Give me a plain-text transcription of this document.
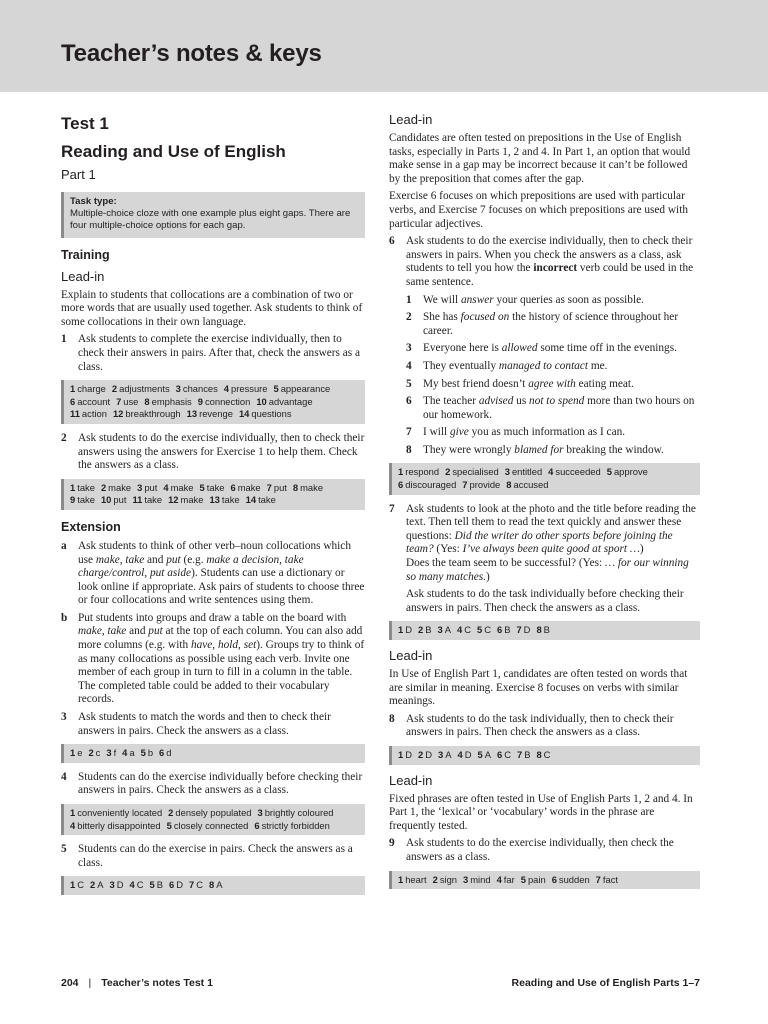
Teacher’s notes & keys
Test 1
Reading and Use of English
Part 1
Task type:
Multiple-choice cloze with one example plus eight gaps. There are four multiple-choice options for each gap.
Training
Lead-in

Explain to students that collocations are a combination of two or more words that are usually used together. Ask students to think of some collocations in their own language.

1	Ask students to complete the exercise individually, then to check their answers in pairs. After that, check the answers as a class.
1 charge 2 adjustments 3 chances 4 pressure 5 appearance
6 account 7 use 8 emphasis 9 connection 10 advantage
11 action 12 breakthrough 13 revenge 14 questions
2	Ask students to do the exercise individually, then to check their answers using the answers for Exercise 1 to help them. Check the answers as a class.
1 take 2 make 3 put 4 make 5 take 6 make 7 put 8 make
9 take 10 put 11 take 12 make 13 take 14 take
Extension
a	Ask students to think of other verb–noun collocations which use make, take and put (e.g. make a decision, take charge/control, put aside). Students can use a dictionary or look online if appropriate. Ask pairs of students to choose three or four collocations and write sentences using them.
b Put students into groups and draw a table on the board with make, take and put at the top of each column. You can also add more columns (e.g. with have, hold, set). Groups try to think of as many collocations as possible using each verb. Invite one member of each group in turn to fill in a column in the table. The completed table could be added to their vocabulary records.
3	Ask students to match the words and then to check their answers in pairs. Check the answers as a class.
1 e 2 c 3 f 4 a 5 b 6 d
4	Students can do the exercise individually before checking their answers in pairs. Check the answers as a class.
1 conveniently located 2 densely populated 3 brightly coloured
4 bitterly disappointed 5 closely connected 6 strictly forbidden
5	Students can do the exercise in pairs. Check the answers as a class.
1 C 2 A 3 D 4 C 5 B 6 D 7 C 8 A
Lead-in

Candidates are often tested on prepositions in the Use of English tasks, especially in Parts 1, 2 and 4. In Part 1, an option that would make sense in a gap may be incorrect because it can’t be followed by the preposition that comes after the gap.

Exercise 6 focuses on which prepositions are used with particular verbs, and Exercise 7 focuses on which prepositions are used with particular adjectives.

6	Ask students to do the exercise individually, then to check their answers in pairs. When you check the answers as a class, ask students to tell you how the incorrect verb could be used in the same sentence.
1	We will answer your queries as soon as possible.
2	She has focused on the history of science throughout her career.
3	Everyone here is allowed some time off in the evenings.
4	They eventually managed to contact me.
5	My best friend doesn’t agree with eating meat.
6	The teacher advised us not to spend more than two hours on our homework.
7	I will give you as much information as I can.
8	They were wrongly blamed for breaking the window.
1 respond 2 specialised 3 entitled 4 succeeded 5 approve
6 discouraged 7 provide 8 accused
7	Ask students to look at the photo and the title before reading the text. Then tell them to read the text quickly and answer these questions: Did the writer do other sports before joining the team? (Yes: I’ve always been quite good at sport …)
Does the team seem to be successful? (Yes: … for our winning so many matches.)

Ask students to do the task individually before checking their answers in pairs. Then check the answers as a class.

1 D 2 B 3 A 4 C 5 C 6 B 7 D 8 B
Lead-in

In Use of English Part 1, candidates are often tested on words that are similar in meaning. Exercise 8 focuses on verbs with similar meanings.

8	Ask students to do the task individually, then to check their answers in pairs. Then check the answers as a class.
1 D 2 D 3 A 4 D 5 A 6 C 7 B 8 C
Lead-in

Fixed phrases are often tested in Use of English Parts 1, 2 and 4. In Part 1, the ‘lexical’ or ‘vocabulary’ words in the phrase are frequently tested.

9	Ask students to do the exercise individually, then check the answers as a class.
1 heart 2 sign 3 mind 4 far 5 pain 6 sudden 7 fact
204 | Teacher’s notes Test 1	Reading and Use of English Parts 1–7
